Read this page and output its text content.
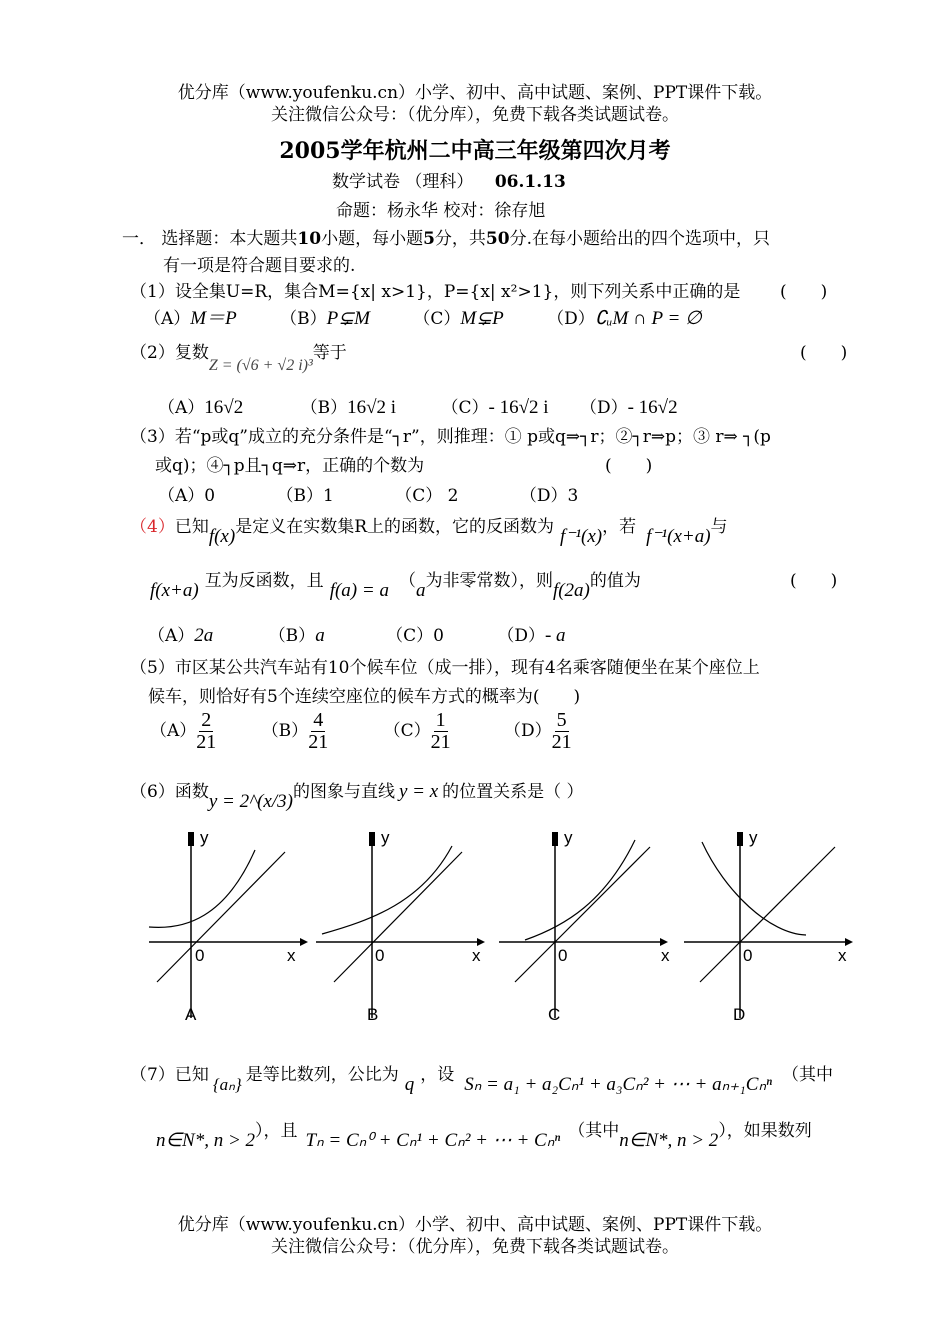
优分库（www.youfenku.cn）小学、初中、高中试题、案例、PPT课件下载。
关注微信公众号：（优分库），免费下载各类试题试卷。
2005学年杭州二中高三年级第四次月考
数学试卷 （理科） 06.1.13
命题：杨永华 校对：徐存旭
一． 选择题：本大题共10小题，每小题5分，共50分.在每小题给出的四个选项中，只
有一项是符合题目要求的.
（1）设全集U=R，集合M={x| x>1}，P={x| x²>1}，则下列关系中正确的是 (　　)
（A）M＝P	（B）P⊊M	（C）M⊊P	（D）∁ᵤM ∩ P = ∅
（2）复数Z = (√6 + √2 i)³等于	(　　)
（A）16√2	（B）16√2 i	（C）- 16√2 i （D）- 16√2
（3）若“p或q”成立的充分条件是“┐r”，则推理：① p或q⇒┐r；②┐r⇒p；③ r⇒ ┐(p
或q)；④┐p且┐q⇒r，正确的个数为	(　　)
（A）0	（B）1	（C） 2	（D）3
（4）已知f(x)是定义在实数集R上的函数，它的反函数为 f⁻¹(x)，若 f⁻¹(x+a)与
f(x+a) 互为反函数，且 f(a) = a （a为非零常数），则f(2a)的值为	(　　)
（A）2a	（B）a	（C）0	（D）- a
（5）市区某公共汽车站有10个候车位（成一排），现有4名乘客随便坐在某个座位上
候车，则恰好有5个连续空座位的候车方式的概率为(　　)
$(A) \frac{2}{21}$	$(B) \frac{4}{21}$	$(C) \frac{1}{21}$	$(D) \frac{5}{21}$
（6）函数y = 2^(x/3)的图象与直线 y = x 的位置关系是（ ）
y
0	x
A
y
0	x
B
y
0	x
C
y
0	x
D
（7）已知 {aₙ} 是等比数列，公比为 q ，设 Sₙ = a₁ + a₂Cₙ¹ + a₃Cₙ² + ⋯ + aₙ₊₁Cₙⁿ （其中
n∈N*, n > 2），且 Tₙ = Cₙ⁰ + Cₙ¹ + Cₙ² + ⋯ + Cₙⁿ （其中n∈N*, n > 2），如果数列
优分库（www.youfenku.cn）小学、初中、高中试题、案例、PPT课件下载。
关注微信公众号：（优分库），免费下载各类试题试卷。
